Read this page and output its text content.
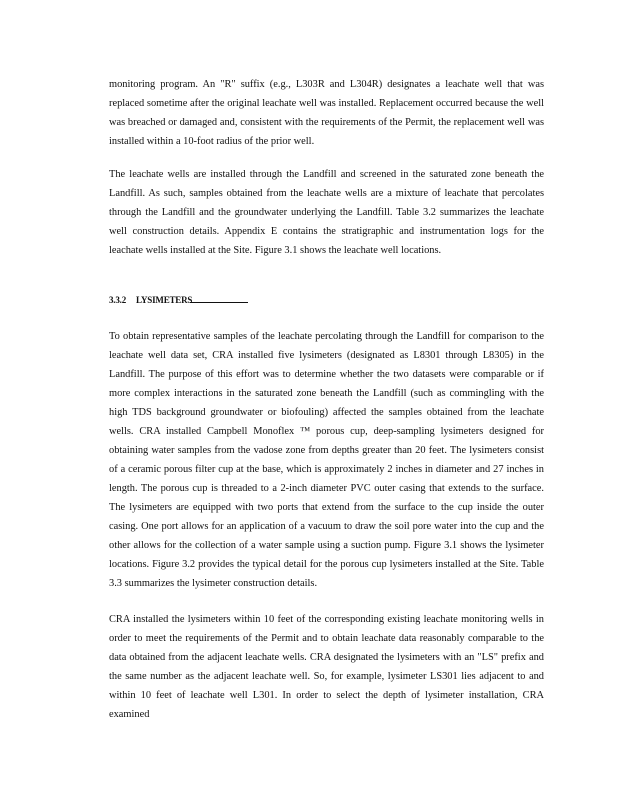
monitoring program. An "R" suffix (e.g., L303R and L304R) designates a leachate well that was replaced sometime after the original leachate well was installed. Replacement occurred because the well was breached or damaged and, consistent with the requirements of the Permit, the replacement well was installed within a 10-foot radius of the prior well.

The leachate wells are installed through the Landfill and screened in the saturated zone beneath the Landfill. As such, samples obtained from the leachate wells are a mixture of leachate that percolates through the Landfill and the groundwater underlying the Landfill. Table 3.2 summarizes the leachate well construction details. Appendix E contains the stratigraphic and instrumentation logs for the leachate wells installed at the Site. Figure 3.1 shows the leachate well locations.

3.3.2 LYSIMETERS

To obtain representative samples of the leachate percolating through the Landfill for comparison to the leachate well data set, CRA installed five lysimeters (designated as L8301 through L8305) in the Landfill. The purpose of this effort was to determine whether the two datasets were comparable or if more complex interactions in the saturated zone beneath the Landfill (such as commingling with the high TDS background groundwater or biofouling) affected the samples obtained from the leachate wells. CRA installed Campbell Monoflex ™ porous cup, deep-sampling lysimeters designed for obtaining water samples from the vadose zone from depths greater than 20 feet. The lysimeters consist of a ceramic porous filter cup at the base, which is approximately 2 inches in diameter and 27 inches in length. The porous cup is threaded to a 2-inch diameter PVC outer casing that extends to the surface. The lysimeters are equipped with two ports that extend from the surface to the cup inside the outer casing. One port allows for an application of a vacuum to draw the soil pore water into the cup and the other allows for the collection of a water sample using a suction pump. Figure 3.1 shows the lysimeter locations. Figure 3.2 provides the typical detail for the porous cup lysimeters installed at the Site. Table 3.3 summarizes the lysimeter construction details.

CRA installed the lysimeters within 10 feet of the corresponding existing leachate monitoring wells in order to meet the requirements of the Permit and to obtain leachate data reasonably comparable to the data obtained from the adjacent leachate wells. CRA designated the lysimeters with an "LS" prefix and the same number as the adjacent leachate well. So, for example, lysimeter LS301 lies adjacent to and within 10 feet of leachate well L301. In order to select the depth of lysimeter installation, CRA examined
